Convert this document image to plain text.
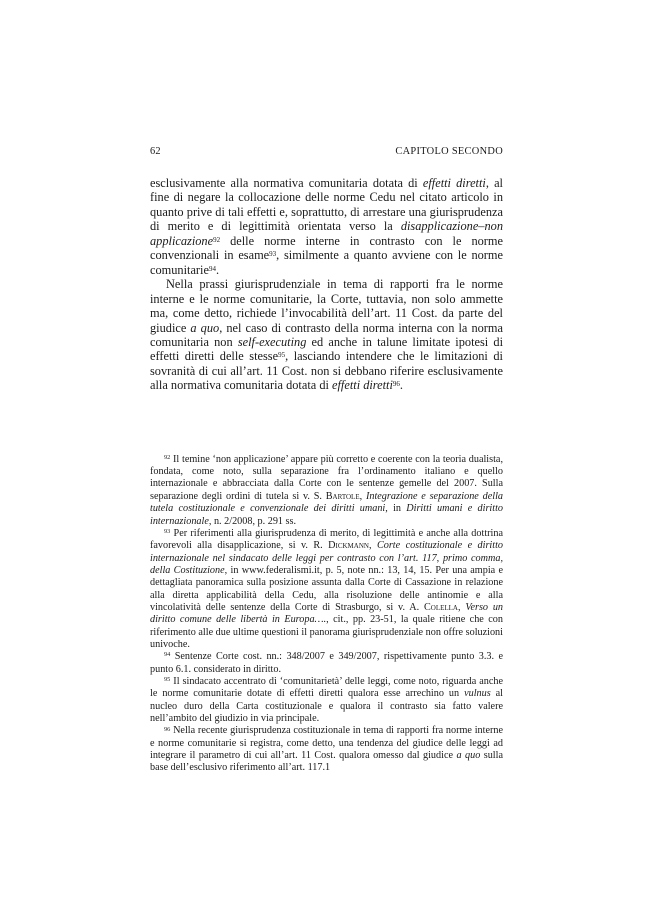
62	CAPITOLO SECONDO

esclusivamente alla normativa comunitaria dotata di effetti diretti, al fine di negare la collocazione delle norme Cedu nel citato articolo in quanto prive di tali effetti e, soprattutto, di arrestare una giurisprudenza di merito e di legittimità orientata verso la disapplicazione–non applicazione$^{92}$ delle norme interne in contrasto con le norme convenzionali in esame$^{93}$, similmente a quanto avviene con le norme comunitarie$^{94}$.

Nella prassi giurisprudenziale in tema di rapporti fra le norme interne e le norme comunitarie, la Corte, tuttavia, non solo ammette ma, come detto, richiede l’invocabilità dell’art. 11 Cost. da parte del giudice a quo, nel caso di contrasto della norma interna con la norma comunitaria non self-executing ed anche in talune limitate ipotesi di effetti diretti delle stesse$^{95}$, lasciando intendere che le limitazioni di sovranità di cui all’art. 11 Cost. non si debbano riferire esclusivamente alla normativa comunitaria dotata di effetti diretti$^{96}$.

$^{92}$ Il temine ‘non applicazione’ appare più corretto e coerente con la teoria dualista, fondata, come noto, sulla separazione fra l’ordinamento italiano e quello internazionale e abbracciata dalla Corte con le sentenze gemelle del 2007. Sulla separazione degli ordini di tutela si v. S. Bartole, Integrazione e separazione della tutela costituzionale e convenzionale dei diritti umani, in Diritti umani e diritto internazionale, n. 2/2008, p. 291 ss.

$^{93}$ Per riferimenti alla giurisprudenza di merito, di legittimità e anche alla dottrina favorevoli alla disapplicazione, si v. R. Dickmann, Corte costituzionale e diritto internazionale nel sindacato delle leggi per contrasto con l’art. 117, primo comma, della Costituzione, in www.federalismi.it, p. 5, note nn.: 13, 14, 15. Per una ampia e dettagliata panoramica sulla posizione assunta dalla Corte di Cassazione in relazione alla diretta applicabilità della Cedu, alla risoluzione delle antinomie e alla vincolatività delle sentenze della Corte di Strasburgo, si v. A. Colella, Verso un diritto comune delle libertà in Europa…., cit., pp. 23-51, la quale ritiene che con riferimento alle due ultime questioni il panorama giurisprudenziale non offre soluzioni univoche.

$^{94}$ Sentenze Corte cost. nn.: 348/2007 e 349/2007, rispettivamente punto 3.3. e punto 6.1. considerato in diritto.

$^{95}$ Il sindacato accentrato di ‘comunitarietà’ delle leggi, come noto, riguarda anche le norme comunitarie dotate di effetti diretti qualora esse arrechino un vulnus al nucleo duro della Carta costituzionale e qualora il contrasto sia fatto valere nell’ambito del giudizio in via principale.

$^{96}$ Nella recente giurisprudenza costituzionale in tema di rapporti fra norme interne e norme comunitarie si registra, come detto, una tendenza del giudice delle leggi ad integrare il parametro di cui all’art. 11 Cost. qualora omesso dal giudice a quo sulla base dell’esclusivo riferimento all’art. 117.1
